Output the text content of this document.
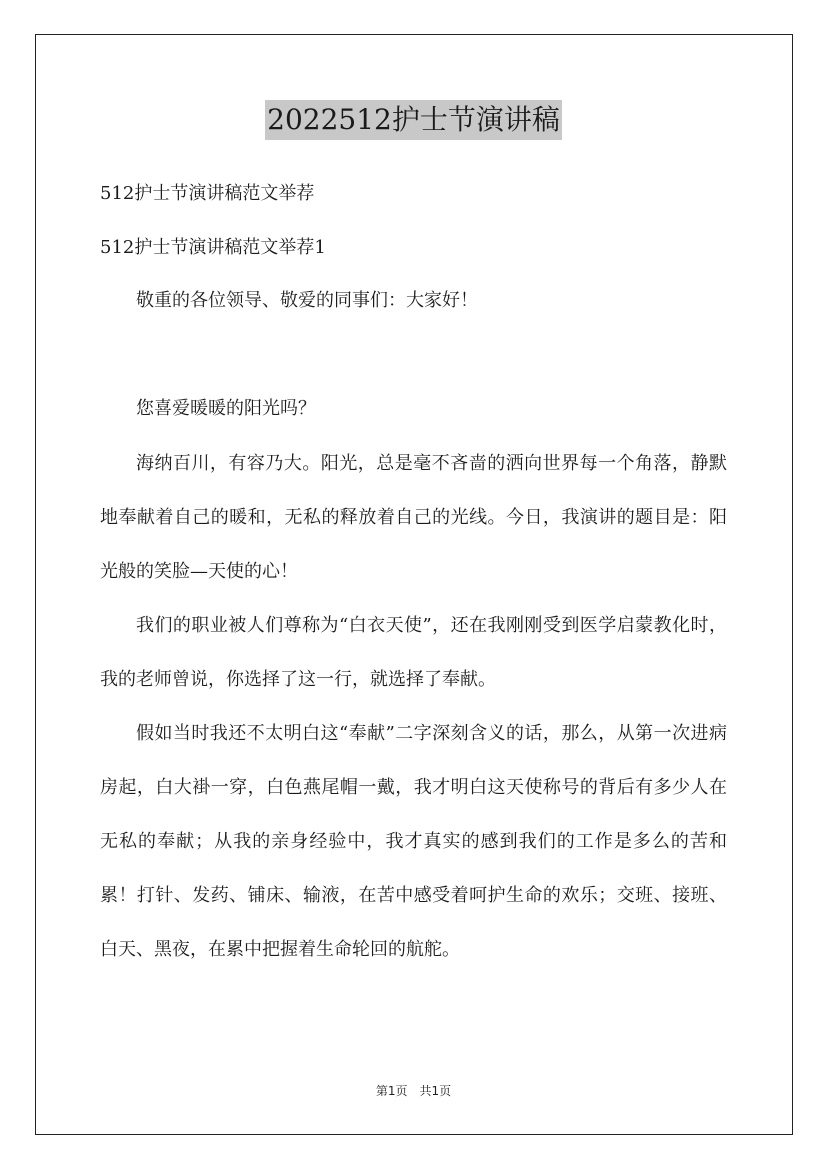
2022512护士节演讲稿
512护士节演讲稿范文举荐
512护士节演讲稿范文举荐1
敬重的各位领导、敬爱的同事们：大家好！
您喜爱暖暖的阳光吗？
海纳百川，有容乃大。阳光，总是毫不吝啬的洒向世界每一个角落，静默地奉献着自己的暖和，无私的释放着自己的光线。今日，我演讲的题目是：阳光般的笑脸—天使的心！
我们的职业被人们尊称为“白衣天使”，还在我刚刚受到医学启蒙教化时，我的老师曾说，你选择了这一行，就选择了奉献。
假如当时我还不太明白这“奉献”二字深刻含义的话，那么，从第一次进病房起，白大褂一穿，白色燕尾帽一戴，我才明白这天使称号的背后有多少人在无私的奉献；从我的亲身经验中，我才真实的感到我们的工作是多么的苦和累！打针、发药、铺床、输液，在苦中感受着呵护生命的欢乐；交班、接班、白天、黑夜，在累中把握着生命轮回的航舵。
第1页　共1页
